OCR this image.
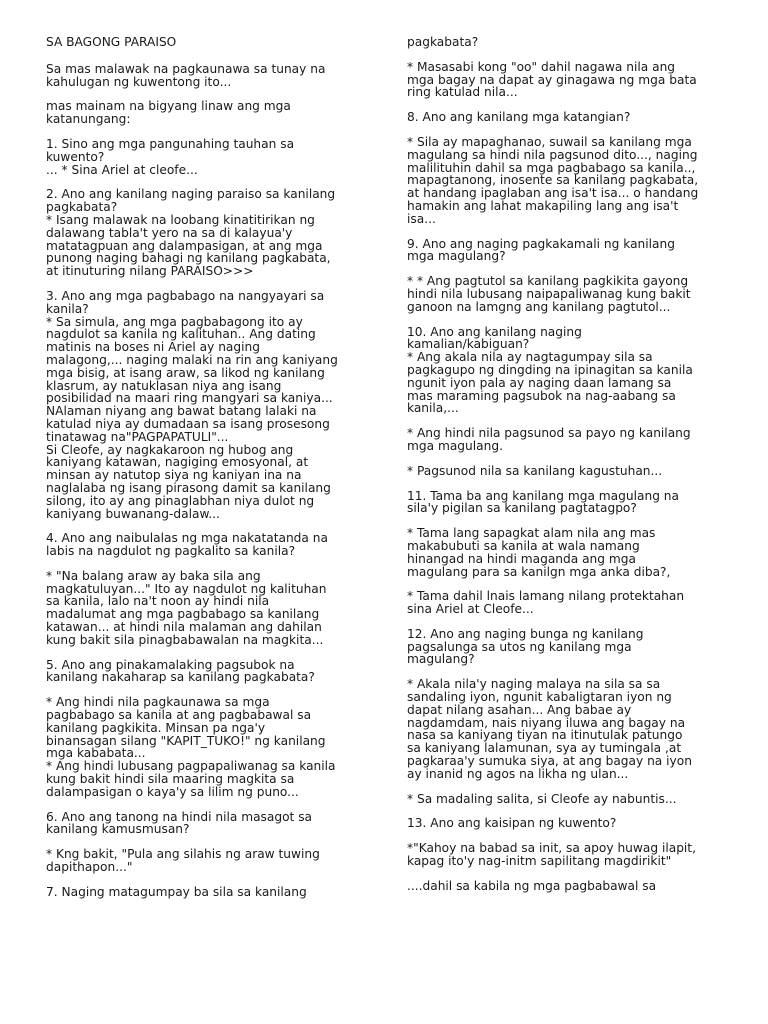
SA BAGONG PARAISO

Sa mas malawak na pagkaunawa sa tunay na
kahulugan ng kuwentong ito...

mas mainam na bigyang linaw ang mga
katanungang:

1. Sino ang mga pangunahing tauhan sa
kuwento?
... * Sina Ariel at cleofe...

2. Ano ang kanilang naging paraiso sa kanilang
pagkabata?
* Isang malawak na loobang kinatitirikan ng
dalawang tabla't yero na sa di kalayua'y
matatagpuan ang dalampasigan, at ang mga
punong naging bahagi ng kanilang pagkabata,
at itinuturing nilang PARAISO>>>

3. Ano ang mga pagbabago na nangyayari sa
kanila?
* Sa simula, ang mga pagbabagong ito ay
nagdulot sa kanila ng kalituhan.. Ang dating
matinis na boses ni Ariel ay naging
malagong,... naging malaki na rin ang kaniyang
mga bisig, at isang araw, sa likod ng kanilang
klasrum, ay natuklasan niya ang isang
posibilidad na maari ring mangyari sa kaniya...
NAlaman niyang ang bawat batang lalaki na
katulad niya ay dumadaan sa isang prosesong
tinatawag na"PAGPAPATULI"...
Si Cleofe, ay nagkakaroon ng hubog ang
kaniyang katawan, nagiging emosyonal, at
minsan ay natutop siya ng kaniyan ina na
naglalaba ng isang pirasong damit sa kanilang
silong, ito ay ang pinaglabhan niya dulot ng
kaniyang buwanang-dalaw...

4. Ano ang naibulalas ng mga nakatatanda na
labis na nagdulot ng pagkalito sa kanila?

* "Na balang araw ay baka sila ang
magkatuluyan..." Ito ay nagdulot ng kalituhan
sa kanila, lalo na't noon ay hindi nila
madalumat ang mga pagbabago sa kanilang
katawan... at hindi nila malaman ang dahilan
kung bakit sila pinagbabawalan na magkita...

5. Ano ang pinakamalaking pagsubok na
kanilang nakaharap sa kanilang pagkabata?

* Ang hindi nila pagkaunawa sa mga
pagbabago sa kanila at ang pagbabawal sa
kanilang pagkikita. Minsan pa nga'y
binansagan silang "KAPIT_TUKO!" ng kanilang
mga kababata...
* Ang hindi lubusang pagpapaliwanag sa kanila
kung bakit hindi sila maaring magkita sa
dalampasigan o kaya'y sa lilim ng puno...

6. Ano ang tanong na hindi nila masagot sa
kanilang kamusmusan?

* Kng bakit, "Pula ang silahis ng araw tuwing
dapithapon..."

7. Naging matagumpay ba sila sa kanilang

pagkabata?

* Masasabi kong "oo" dahil nagawa nila ang
mga bagay na dapat ay ginagawa ng mga bata
ring katulad nila...

8. Ano ang kanilang mga katangian?

* Sila ay mapaghanao, suwail sa kanilang mga
magulang sa hindi nila pagsunod dito..., naging
malilituhin dahil sa mga pagbabago sa kanila..,
mapagtanong, inosente sa kanilang pagkabata,
at handang ipaglaban ang isa't isa... o handang
hamakin ang lahat makapiling lang ang isa't
isa...

9. Ano ang naging pagkakamali ng kanilang
mga magulang?

* * Ang pagtutol sa kanilang pagkikita gayong
hindi nila lubusang naipapaliwanag kung bakit
ganoon na lamgng ang kanilang pagtutol...

10. Ano ang kanilang naging
kamalian/kabiguan?
* Ang akala nila ay nagtagumpay sila sa
pagkagupo ng dingding na ipinagitan sa kanila
ngunit iyon pala ay naging daan lamang sa
mas maraming pagsubok na nag-aabang sa
kanila,...

* Ang hindi nila pagsunod sa payo ng kanilang
mga magulang.

* Pagsunod nila sa kanilang kagustuhan...

11. Tama ba ang kanilang mga magulang na
sila'y pigilan sa kanilang pagtatagpo?

* Tama lang sapagkat alam nila ang mas
makabubuti sa kanila at wala namang
hinangad na hindi maganda ang mga
magulang para sa kanilgn mga anka diba?,

* Tama dahil lnais lamang nilang protektahan
sina Ariel at Cleofe...

12. Ano ang naging bunga ng kanilang
pagsalunga sa utos ng kanilang mga
magulang?

* Akala nila'y naging malaya na sila sa sa
sandaling iyon, ngunit kabaligtaran iyon ng
dapat nilang asahan... Ang babae ay
nagdamdam, nais niyang iluwa ang bagay na
nasa sa kaniyang tiyan na itinutulak patungo
sa kaniyang lalamunan, sya ay tumingala ,at
pagkaraa'y sumuka siya, at ang bagay na iyon
ay inanid ng agos na likha ng ulan...

* Sa madaling salita, si Cleofe ay nabuntis...

13. Ano ang kaisipan ng kuwento?

*"Kahoy na babad sa init, sa apoy huwag ilapit,
kapag ito'y nag-initm sapilitang magdirikit"

....dahil sa kabila ng mga pagbabawal sa
